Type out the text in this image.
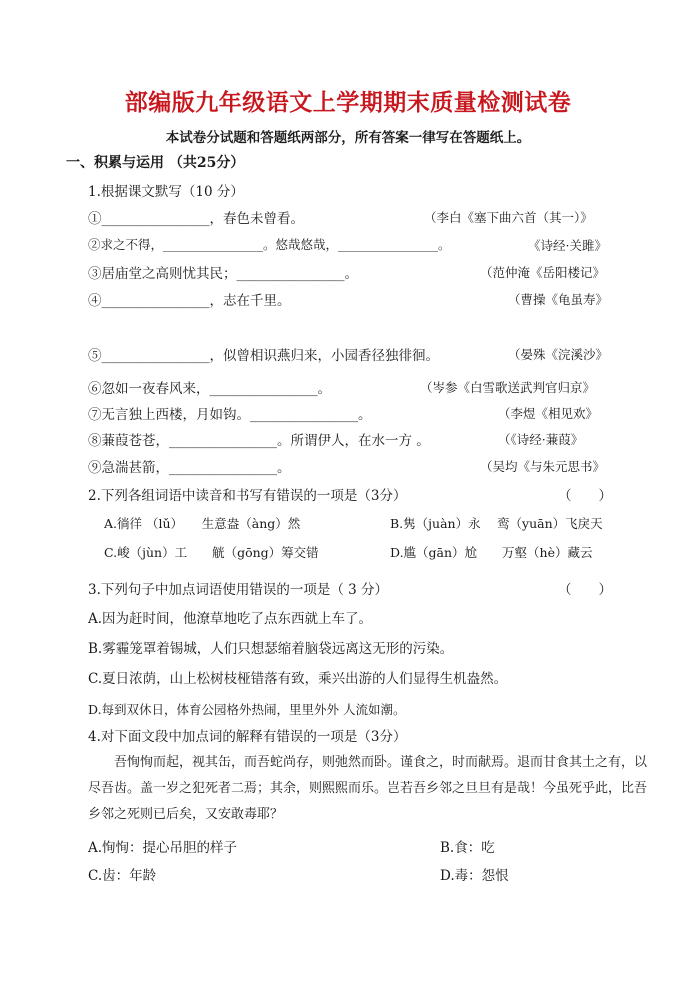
部编版九年级语文上学期期末质量检测试卷
本试卷分试题和答题纸两部分，所有答案一律写在答题纸上。
一、积累与运用 （共25分）
1.根据课文默写（10 分）
①________________，春色未曾看。	（李白《塞下曲六首（其一）》
②求之不得，________________。悠哉悠哉，________________。	《诗经·关雎》
③居庙堂之高则忧其民；________________。	（范仲淹《岳阳楼记》
④________________，志在千里。	（曹操《龟虽寿》
⑤________________，似曾相识燕归来，小园香径独徘徊。	（晏殊《浣溪沙》
⑥忽如一夜春风来，________________。	（岑参《白雪歌送武判官归京》
⑦无言独上西楼，月如钩。________________。	（李煜《相见欢》
⑧蒹葭苍苍，________________。所谓伊人，在水一方 。	（《诗经·蒹葭》
⑨急湍甚箭，________________。	（吴均《与朱元思书》
2.下列各组词语中读音和书写有错误的一项是（3分）	（　　）
A.徜徉 （lǔ）　　生意盎（àng）然	B.隽（juàn）永　 鸾（yuān）飞戾天
C.峻（jùn）工　　觥（gōng）筹交错	D.尴（gān）尬　　万壑（hè）藏云
3.下列句子中加点词语使用错误的一项是（ 3 分）	（　　）
A.因为赶时间，他潦草地吃了点东西就上车了。
B.雾霾笼罩着锡城，人们只想瑟缩着脑袋远离这无形的污染。
C.夏日浓荫，山上松树枝桠错落有致，乘兴出游的人们显得生机盎然。
D.每到双休日，体育公园格外热闹，里里外外 人流如潮。
4.对下面文段中加点词的解释有错误的一项是（3分）
吾恂恂而起，视其缶，而吾蛇尚存，则弛然而卧。谨食之，时而献焉。退而甘食其土之有，以尽吾齿。盖一岁之犯死者二焉；其余，则熙熙而乐。岂若吾乡邻之旦旦有是哉！今虽死乎此，比吾乡邻之死则已后矣，又安敢毒耶？
A.恂恂：提心吊胆的样子	B.食：吃
C.齿：年龄	D.毒：怨恨
